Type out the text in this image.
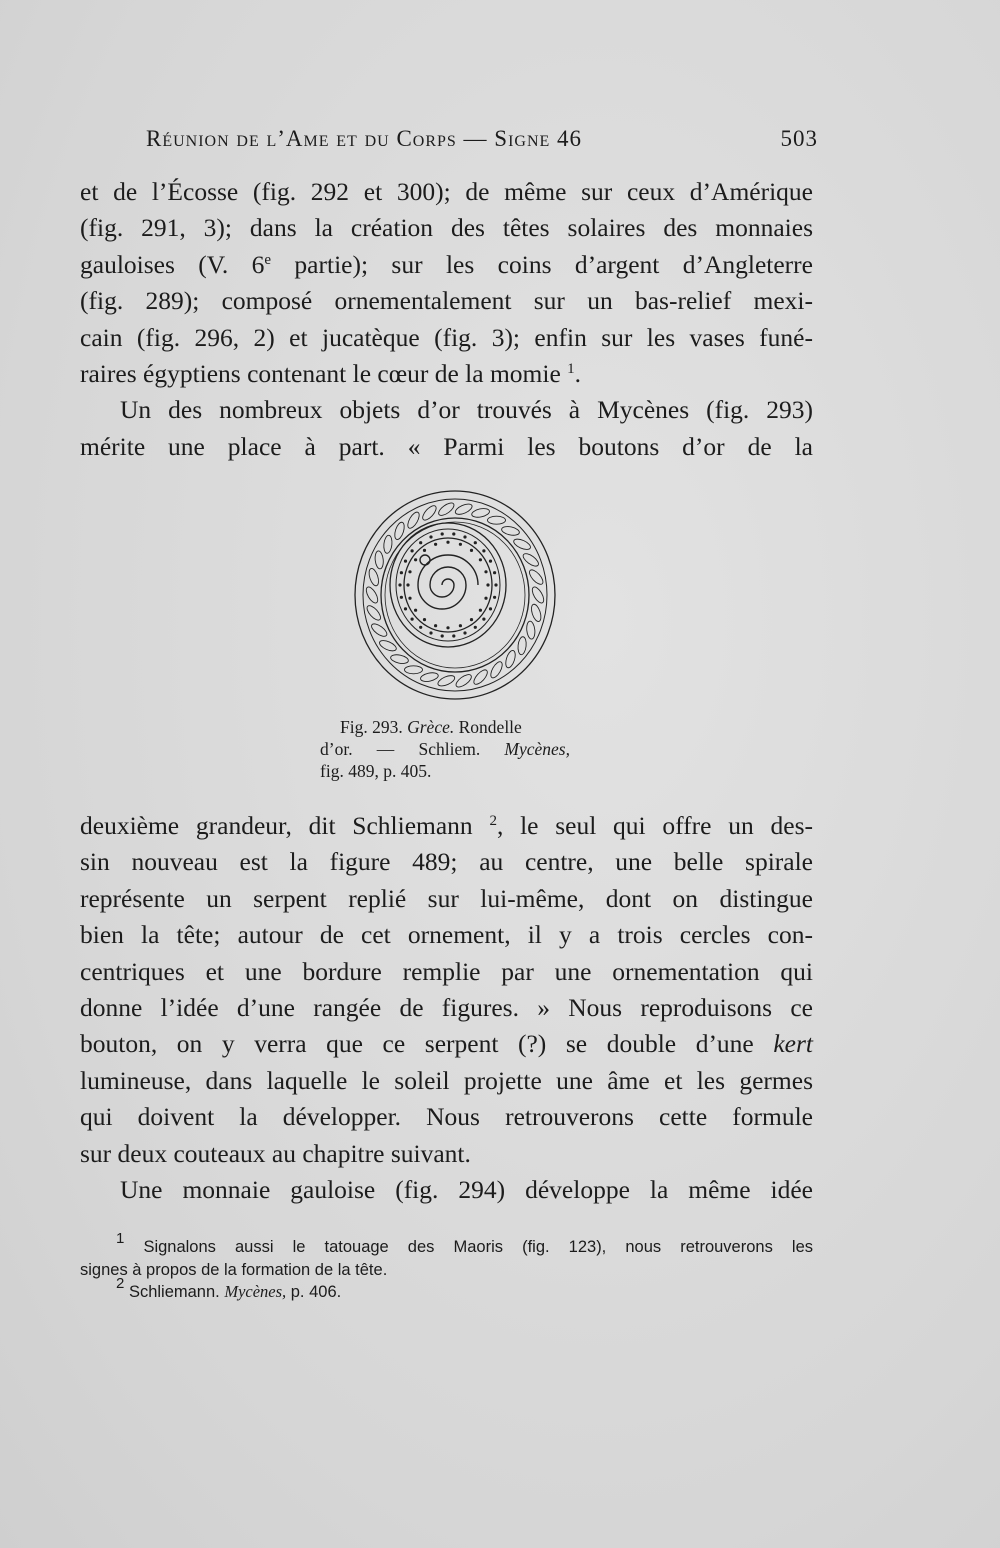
Réunion de l’Ame et du Corps — Signe 46	503
et de l’Écosse (fig. 292 et 300); de même sur ceux d’Amérique
(fig. 291, 3); dans la création des têtes solaires des monnaies
gauloises (V. 6e partie); sur les coins d’argent d’Angleterre
(fig. 289); composé ornementalement sur un bas-relief mexi-
cain (fig. 296, 2) et jucatèque (fig. 3); enfin sur les vases funé-
raires égyptiens contenant le cœur de la momie $^1$.
Un des nombreux objets d’or trouvés à Mycènes (fig. 293)
mérite une place à part. « Parmi les boutons d’or de la
Fig. 293. Grèce. Rondelle
d’or. — Schliem. Mycènes,
fig. 489, p. 405.
deuxième grandeur, dit Schliemann $^2$, le seul qui offre un des-
sin nouveau est la figure 489; au centre, une belle spirale
représente un serpent replié sur lui-même, dont on distingue
bien la tête; autour de cet ornement, il y a trois cercles con-
centriques et une bordure remplie par une ornementation qui
donne l’idée d’une rangée de figures. » Nous reproduisons ce
bouton, on y verra que ce serpent (?) se double d’une kert
lumineuse, dans laquelle le soleil projette une âme et les germes
qui doivent la développer. Nous retrouverons cette formule
sur deux couteaux au chapitre suivant.
Une monnaie gauloise (fig. 294) développe la même idée
$^1$ Signalons aussi le tatouage des Maoris (fig. 123), nous retrouverons les
signes à propos de la formation de la tête.
$^2$ Schliemann. Mycènes, p. 406.
